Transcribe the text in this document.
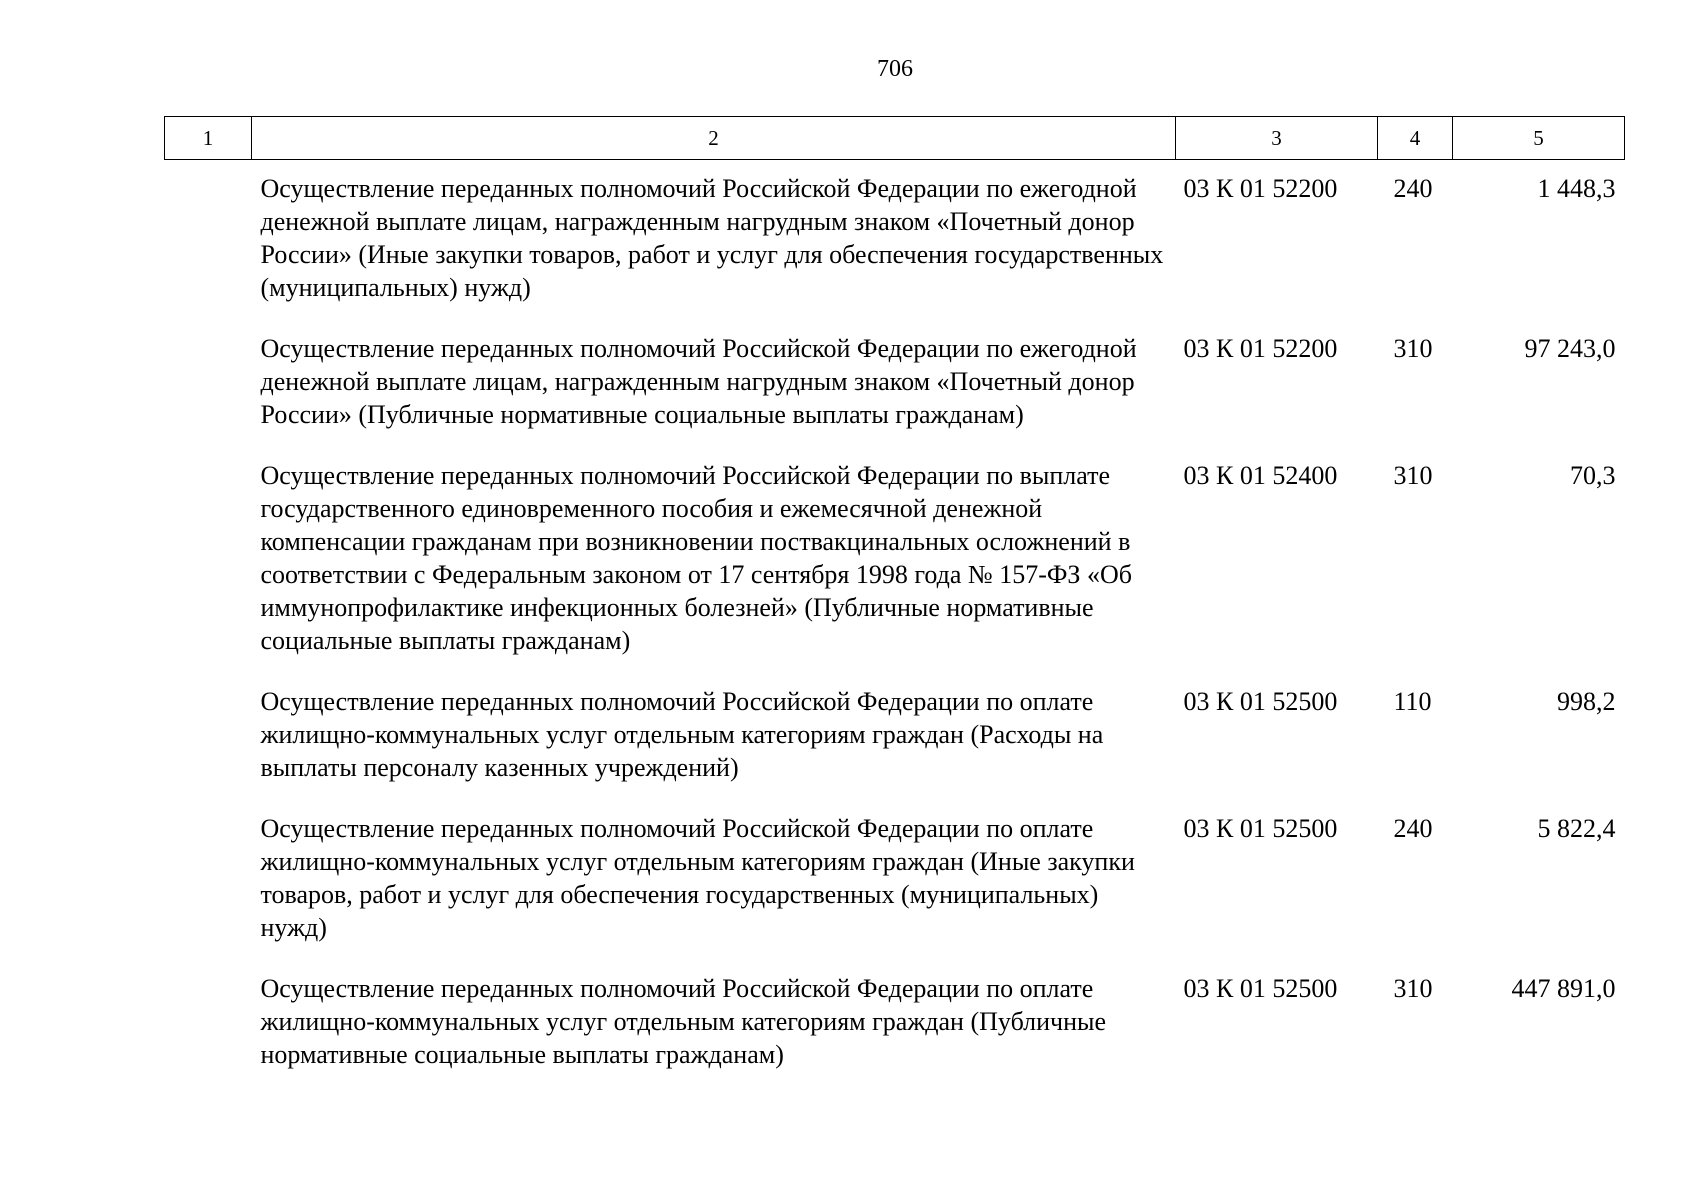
706
1	2	3	4	5
	Осуществление переданных полномочий Российской Федерации по ежегодной денежной выплате лицам, награжденным нагрудным знаком «Почетный донор России» (Иные закупки товаров, работ и услуг для обеспечения государственных (муниципальных) нужд)	03 К 01 52200	240	1 448,3
	Осуществление переданных полномочий Российской Федерации по ежегодной денежной выплате лицам, награжденным нагрудным знаком «Почетный донор России» (Публичные нормативные социальные выплаты гражданам)	03 К 01 52200	310	97 243,0
	Осуществление переданных полномочий Российской Федерации по выплате государственного единовременного пособия и ежемесячной денежной компенсации гражданам при возникновении поствакцинальных осложнений в соответствии с Федеральным законом от 17 сентября 1998 года № 157-ФЗ «Об иммунопрофилактике инфекционных болезней» (Публичные нормативные социальные выплаты гражданам)	03 К 01 52400	310	70,3
	Осуществление переданных полномочий Российской Федерации по оплате жилищно-коммунальных услуг отдельным категориям граждан (Расходы на выплаты персоналу казенных учреждений)	03 К 01 52500	110	998,2
	Осуществление переданных полномочий Российской Федерации по оплате жилищно-коммунальных услуг отдельным категориям граждан (Иные закупки товаров, работ и услуг для обеспечения государственных (муниципальных) нужд)	03 К 01 52500	240	5 822,4
	Осуществление переданных полномочий Российской Федерации по оплате жилищно-коммунальных услуг отдельным категориям граждан (Публичные нормативные социальные выплаты гражданам)	03 К 01 52500	310	447 891,0
